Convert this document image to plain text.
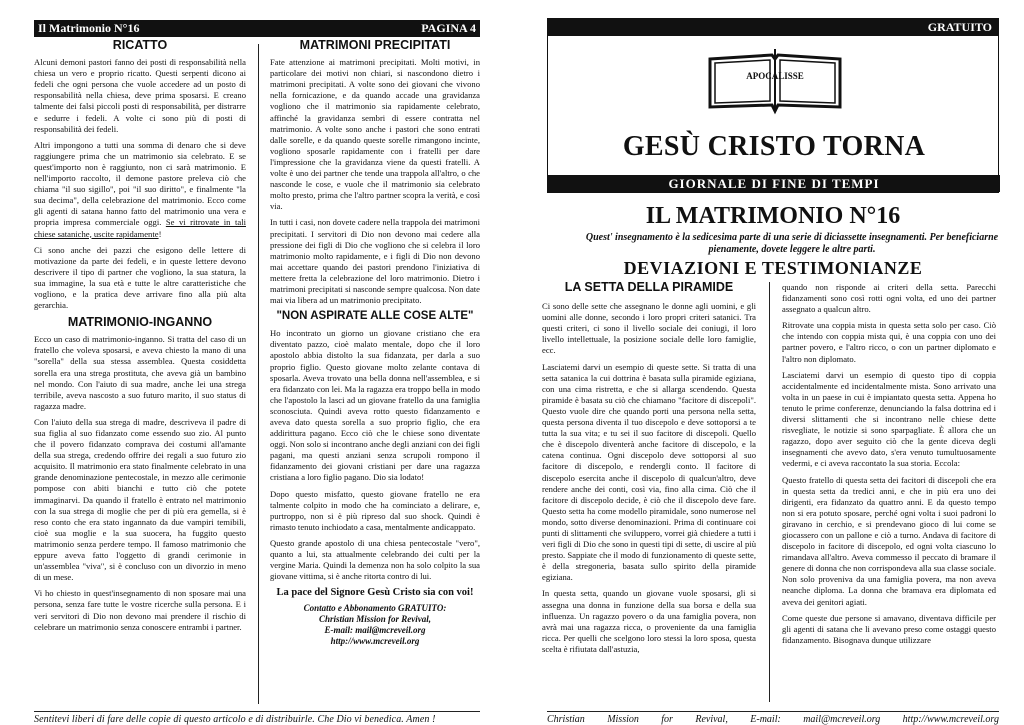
Il Matrimonio N°16	PAGINA 4
RICATTO

Alcuni demoni pastori fanno dei posti di responsabilità nella chiesa un vero e proprio ricatto. Questi serpenti dicono ai fedeli che ogni persona che vuole accedere ad un posto di responsabilità nella chiesa, deve prima sposarsi. E creano talmente dei falsi piccoli posti di responsabilità, per distrarre e sedurre i fedeli. A volte ci sono più di posti di responsabilità dei fedeli.

Altri impongono a tutti una somma di denaro che si deve raggiungere prima che un matrimonio sia celebrato. E se quest'importo non è raggiunto, non ci sarà matrimonio. E nell'importo raccolto, il demone pastore preleva ciò che chiama "il suo sigillo", poi "il suo diritto", e finalmente "la sua decima", della celebrazione del matrimonio. Ecco come gli agenti di satana hanno fatto del matrimonio una vera e propria impresa commerciale oggi. Se vi ritrovate in tali chiese sataniche, uscite rapidamente!

Ci sono anche dei pazzi che esigono delle lettere di motivazione da parte dei fedeli, e in queste lettere devono descrivere il tipo di partner che vogliono, la sua statura, la sua immagine, la sua età e tutte le altre caratteristiche che vogliono, e la pratica deve arrivare fino alla più alta gerarchia.

MATRIMONIO-INGANNO

Ecco un caso di matrimonio-inganno. Si tratta del caso di un fratello che voleva sposarsi, e aveva chiesto la mano di una "sorella" della sua stessa assemblea. Questa cosiddetta sorella era una strega prostituta, che aveva già un bambino nel mondo. Con l'aiuto di sua madre, anche lei una strega terribile, aveva nascosto a suo futuro marito, il suo status di ragazza madre.

Con l'aiuto della sua strega di madre, descriveva il padre di sua figlia al suo fidanzato come essendo suo zio. Al punto che il povero fidanzato comprava dei costumi all'amante della sua strega, credendo offrire dei regali a suo futuro zio acquisito. Il matrimonio era stato finalmente celebrato in una grande denominazione pentecostale, in mezzo alle cerimonie pompose con abiti bianchi e tutto ciò che potete immaginarvi. Da quando il fratello è entrato nel matrimonio con la sua strega di moglie che per di più era gemella, si è reso conto che era stato ingannato da due vampiri temibili, cioè sua moglie e la sua suocera, ha fuggito questo matrimonio senza perdere tempo. Il famoso matrimonio che eppure aveva fatto l'oggetto di grandi cerimonie in un'assemblea "viva", si è concluso con un divorzio in meno di un mese.

Vi ho chiesto in quest'insegnamento di non sposare mai una persona, senza fare tutte le vostre ricerche sulla persona. E i veri servitori di Dio non devono mai prendere il rischio di celebrare un matrimonio senza conoscere entrambi i partner.

MATRIMONI PRECIPITATI

Fate attenzione ai matrimoni precipitati. Molti motivi, in particolare dei motivi non chiari, si nascondono dietro i matrimoni precipitati. A volte sono dei giovani che vivono nella fornicazione, e da quando accade una gravidanza vogliono che il matrimonio sia rapidamente celebrato, affinché la gravidanza sembri di essere contratta nel matrimonio. A volte sono anche i pastori che sono entrati dalle sorelle, e da quando queste sorelle rimangono incinte, vogliono sposarle rapidamente con i fratelli per dare l'impressione che la gravidanza viene da questi fratelli. A volte è uno dei partner che tende una trappola all'altro, o che nasconde le cose, e vuole che il matrimonio sia celebrato molto presto, prima che l'altro partner scopra la verità, e così via.

In tutti i casi, non dovete cadere nella trappola dei matrimoni precipitati. I servitori di Dio non devono mai cedere alla pressione dei figli di Dio che vogliono che si celebra il loro matrimonio molto rapidamente, e i figli di Dio non devono mai accettare quando dei pastori prendono l'iniziativa di mettere fretta la celebrazione del loro matrimonio. Dietro i matrimoni precipitati si nasconde sempre qualcosa. Non date mai via libera ad un matrimonio precipitato.

"NON ASPIRATE ALLE COSE ALTE"

Ho incontrato un giorno un giovane cristiano che era diventato pazzo, cioè malato mentale, dopo che il loro apostolo abbia distolto la sua fidanzata, per darla a suo proprio figlio. Questo giovane molto zelante contava di sposarla. Aveva trovato una bella donna nell'assemblea, e si era fidanzato con lei. Ma la ragazza era troppo bella in modo che l'apostolo la lasci ad un giovane fratello da una famiglia sconosciuta. Quindi aveva rotto questo fidanzamento e aveva dato questa sorella a suo proprio figlio, che era addirittura pagano. Ecco ciò che le chiese sono diventate oggi. Non solo si incontrano anche degli anziani con dei figli pagani, ma questi anziani senza scrupoli rompono il fidanzamento dei giovani cristiani per dare una ragazza cristiana a loro figlio pagano. Dio sia lodato!

Dopo questo misfatto, questo giovane fratello ne era talmente colpito in modo che ha cominciato a delirare, e, purtroppo, non si è più ripreso dal suo shock. Quindi è rimasto tenuto inchiodato a casa, mentalmente andicappato.

Questo grande apostolo di una chiesa pentecostale "vero", quanto a lui, sta attualmente celebrando dei culti per la vergine Maria. Quindi la demenza non ha solo colpito la sua giovane vittima, si è anche ritorta contro di lui.

La pace del Signore Gesù Cristo sia con voi!

Contatto e Abbonamento GRATUITO:
Christian Mission for Revival,
E-mail: mail@mcreveil.org
http://www.mcreveil.org

Sentitevi liberi di fare delle copie di questo articolo e di distribuirle. Che Dio vi benedica. Amen !
GRATUITO
APOCALISSE
GESÙ CRISTO TORNA
GIORNALE DI FINE DI TEMPI
IL MATRIMONIO N°16
Quest' insegnamento è la sedicesima parte di una serie di diciassette insegnamenti. Per beneficiarne pienamente, dovete leggere le altre parti.
DEVIAZIONI E TESTIMONIANZE
LA SETTA DELLA PIRAMIDE

Ci sono delle sette che assegnano le donne agli uomini, e gli uomini alle donne, secondo i loro propri criteri satanici. Tra questi criteri, ci sono il livello sociale dei coniugi, il loro livello intellettuale, la posizione sociale delle loro famiglie, ecc.

Lasciatemi darvi un esempio di queste sette. Si tratta di una setta satanica la cui dottrina è basata sulla piramide egiziana, con una cima ristretta, e che si allarga scendendo. Questa piramide è basata su ciò che chiamano "facitore di discepoli". Questo vuole dire che quando porti una persona nella setta, questa persona diventa il tuo discepolo e deve sottoporsi a te tutta la sua vita; e tu sei il suo facitore di discepoli. Quello che è discepolo diventerà anche facitore di discepolo, e la catena continua. Ogni discepolo deve sottoporsi al suo facitore di discepolo, e rendergli conto. Il facitore di discepolo esercita anche il discepolo di qualcun'altro, deve rendere anche dei conti, così via, fino alla cima. Ciò che il facitore di discepolo decide, è ciò che il discepolo deve fare. Questo setta ha come modello piramidale, sono numerose nel mondo, sotto diverse denominazioni. Prima di continuare coi punti di slittamenti che sviluppero, vorrei già chiedere a tutti i veri figli di Dio che sono in questi tipi di sette, di uscire al più presto. Sappiate che il modo di funzionamento di queste sette, è della stregoneria, basata sullo spirito della piramide egiziana.

In questa setta, quando un giovane vuole sposarsi, gli si assegna una donna in funzione della sua borsa e della sua influenza. Un ragazzo povero o da una famiglia povera, non avrà mai una ragazza ricca, o proveniente da una famiglia ricca. Per quelli che scelgono loro stessi la loro sposa, questa scelta è rifiutata dall'astuzia,

quando non risponde ai criteri della setta. Parecchi fidanzamenti sono così rotti ogni volta, ed uno dei partner assegnato a qualcun altro.

Ritrovate una coppia mista in questa setta solo per caso. Ciò che intendo con coppia mista qui, è una coppia con uno dei partner povero, e l'altro ricco, o con un partner diplomato e l'altro non diplomato.

Lasciatemi darvi un esempio di questo tipo di coppia accidentalmente ed incidentalmente mista. Sono arrivato una volta in un paese in cui è impiantato questa setta. Appena ho tenuto le prime conferenze, denunciando la falsa dottrina ed i diversi slittamenti che si incontrano nelle chiese dette risvegliate, le notizie si sono sparpagliate. È allora che un ragazzo, dopo aver seguito ciò che la gente diceva degli insegnamenti che avevo dato, s'era venuto tumultuosamente vedermi, e ci aveva raccontato la sua storia. Eccola:

Questo fratello di questa setta dei facitori di discepoli che era in questa setta da tredici anni, e che in più era uno dei dirigenti, era fidanzato da quattro anni. E da questo tempo non si era potuto sposare, perché ogni volta i suoi padroni lo giravano in cerchio, e si prendevano gioco di lui come se giocassero con un pallone e ciò a turno. Andava di facitore di discepolo in facitore di discepolo, ed ogni volta ciascuno lo rimandava all'altro. Aveva commesso il peccato di bramare il genere di donna che non corrispondeva alla sua classe sociale. Non solo proveniva da una famiglia povera, ma non aveva neanche diploma. La donna che bramava era diplomata ed aveva dei genitori agiati.

Come queste due persone si amavano, diventava difficile per gli agenti di satana che li avevano preso come ostaggi questo fidanzamento. Bisognava dunque utilizzare

Christian Mission for Revival, E-mail: mail@mcreveil.org http://www.mcreveil.org
